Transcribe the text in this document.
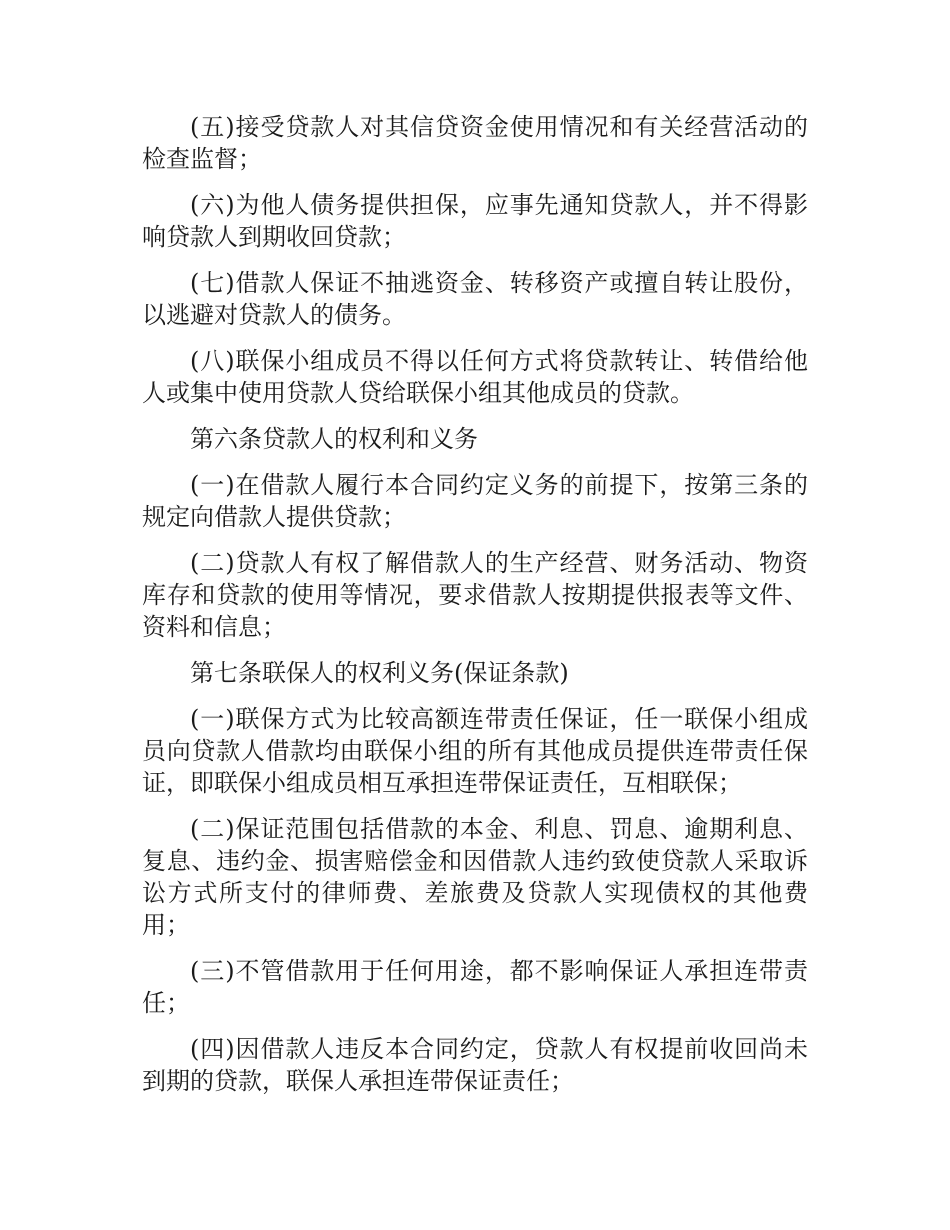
(五)接受贷款人对其信贷资金使用情况和有关经营活动的检查监督；

(六)为他人债务提供担保，应事先通知贷款人，并不得影响贷款人到期收回贷款；

(七)借款人保证不抽逃资金、转移资产或擅自转让股份，以逃避对贷款人的债务。

(八)联保小组成员不得以任何方式将贷款转让、转借给他人或集中使用贷款人贷给联保小组其他成员的贷款。

第六条贷款人的权利和义务

(一)在借款人履行本合同约定义务的前提下，按第三条的规定向借款人提供贷款；

(二)贷款人有权了解借款人的生产经营、财务活动、物资库存和贷款的使用等情况，要求借款人按期提供报表等文件、资料和信息；

第七条联保人的权利义务(保证条款)

(一)联保方式为比较高额连带责任保证，任一联保小组成员向贷款人借款均由联保小组的所有其他成员提供连带责任保证，即联保小组成员相互承担连带保证责任，互相联保；

(二)保证范围包括借款的本金、利息、罚息、逾期利息、复息、违约金、损害赔偿金和因借款人违约致使贷款人采取诉讼方式所支付的律师费、差旅费及贷款人实现债权的其他费用；

(三)不管借款用于任何用途，都不影响保证人承担连带责任；

(四)因借款人违反本合同约定，贷款人有权提前收回尚未到期的贷款，联保人承担连带保证责任；
